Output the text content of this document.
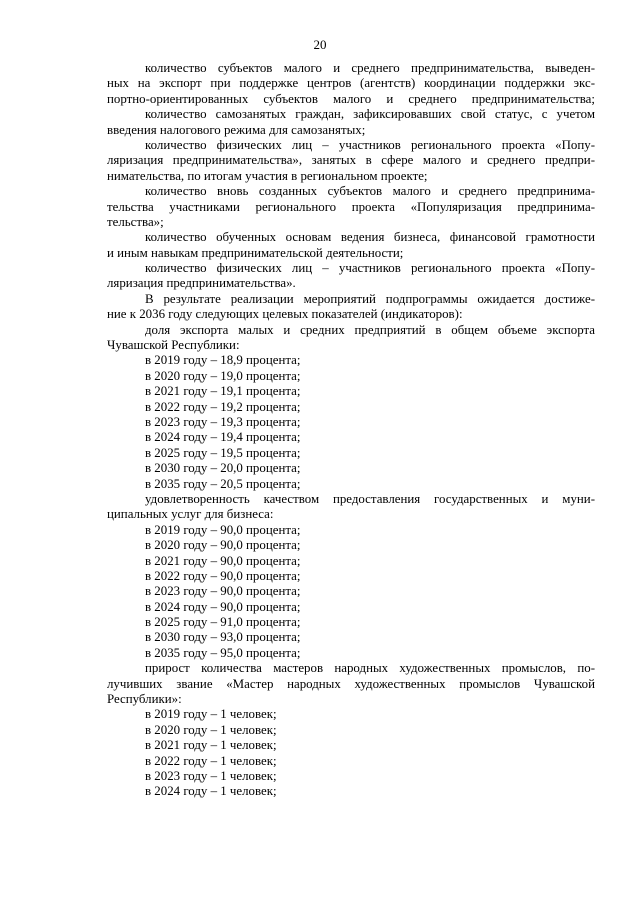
20
количество субъектов малого и среднего предпринимательства, выведен-
ных на экспорт при поддержке центров (агентств) координации поддержки экс-
портно-ориентированных субъектов малого и среднего предпринимательства;
количество самозанятых граждан, зафиксировавших свой статус, с учетом
введения налогового режима для самозанятых;
количество физических лиц – участников регионального проекта «Попу-
ляризация предпринимательства», занятых в сфере малого и среднего предпри-
нимательства, по итогам участия в региональном проекте;
количество вновь созданных субъектов малого и среднего предпринима-
тельства участниками регионального проекта «Популяризация предпринима-
тельства»;
количество обученных основам ведения бизнеса, финансовой грамотности
и иным навыкам предпринимательской деятельности;
количество физических лиц – участников регионального проекта «Попу-
ляризация предпринимательства».
В результате реализации мероприятий подпрограммы ожидается достиже-
ние к 2036 году следующих целевых показателей (индикаторов):
доля экспорта малых и средних предприятий в общем объеме экспорта
Чувашской Республики:
в 2019 году – 18,9 процента;
в 2020 году – 19,0 процента;
в 2021 году – 19,1 процента;
в 2022 году – 19,2 процента;
в 2023 году – 19,3 процента;
в 2024 году – 19,4 процента;
в 2025 году – 19,5 процента;
в 2030 году – 20,0 процента;
в 2035 году – 20,5 процента;
удовлетворенность качеством предоставления государственных и муни-
ципальных услуг для бизнеса:
в 2019 году – 90,0 процента;
в 2020 году – 90,0 процента;
в 2021 году – 90,0 процента;
в 2022 году – 90,0 процента;
в 2023 году – 90,0 процента;
в 2024 году – 90,0 процента;
в 2025 году – 91,0 процента;
в 2030 году – 93,0 процента;
в 2035 году – 95,0 процента;
прирост количества мастеров народных художественных промыслов, по-
лучивших звание «Мастер народных художественных промыслов Чувашской
Республики»:
в 2019 году – 1 человек;
в 2020 году – 1 человек;
в 2021 году – 1 человек;
в 2022 году – 1 человек;
в 2023 году – 1 человек;
в 2024 году – 1 человек;
